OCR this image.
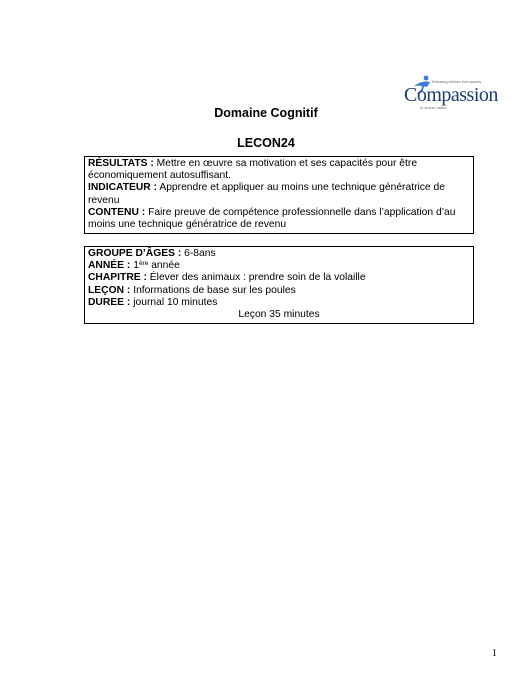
Releasing children from poverty
Compassion
in Jesus' name
Domaine Cognitif
LECON24
RÉSULTATS : Mettre en œuvre sa motivation et ses capacités pour être économiquement autosuffisant.
INDICATEUR : Apprendre et appliquer au moins une technique génératrice de revenu
CONTENU : Faire preuve de compétence professionnelle dans l’application d’au moins une technique génératrice de revenu
GROUPE D’ÂGES : 6-8ans
ANNÉE : 1ère année
CHAPITRE : Élever des animaux : prendre soin de la volaille
LEÇON : Informations de base sur les poules
DUREE : journal 10 minutes
Leçon 35 minutes
1
